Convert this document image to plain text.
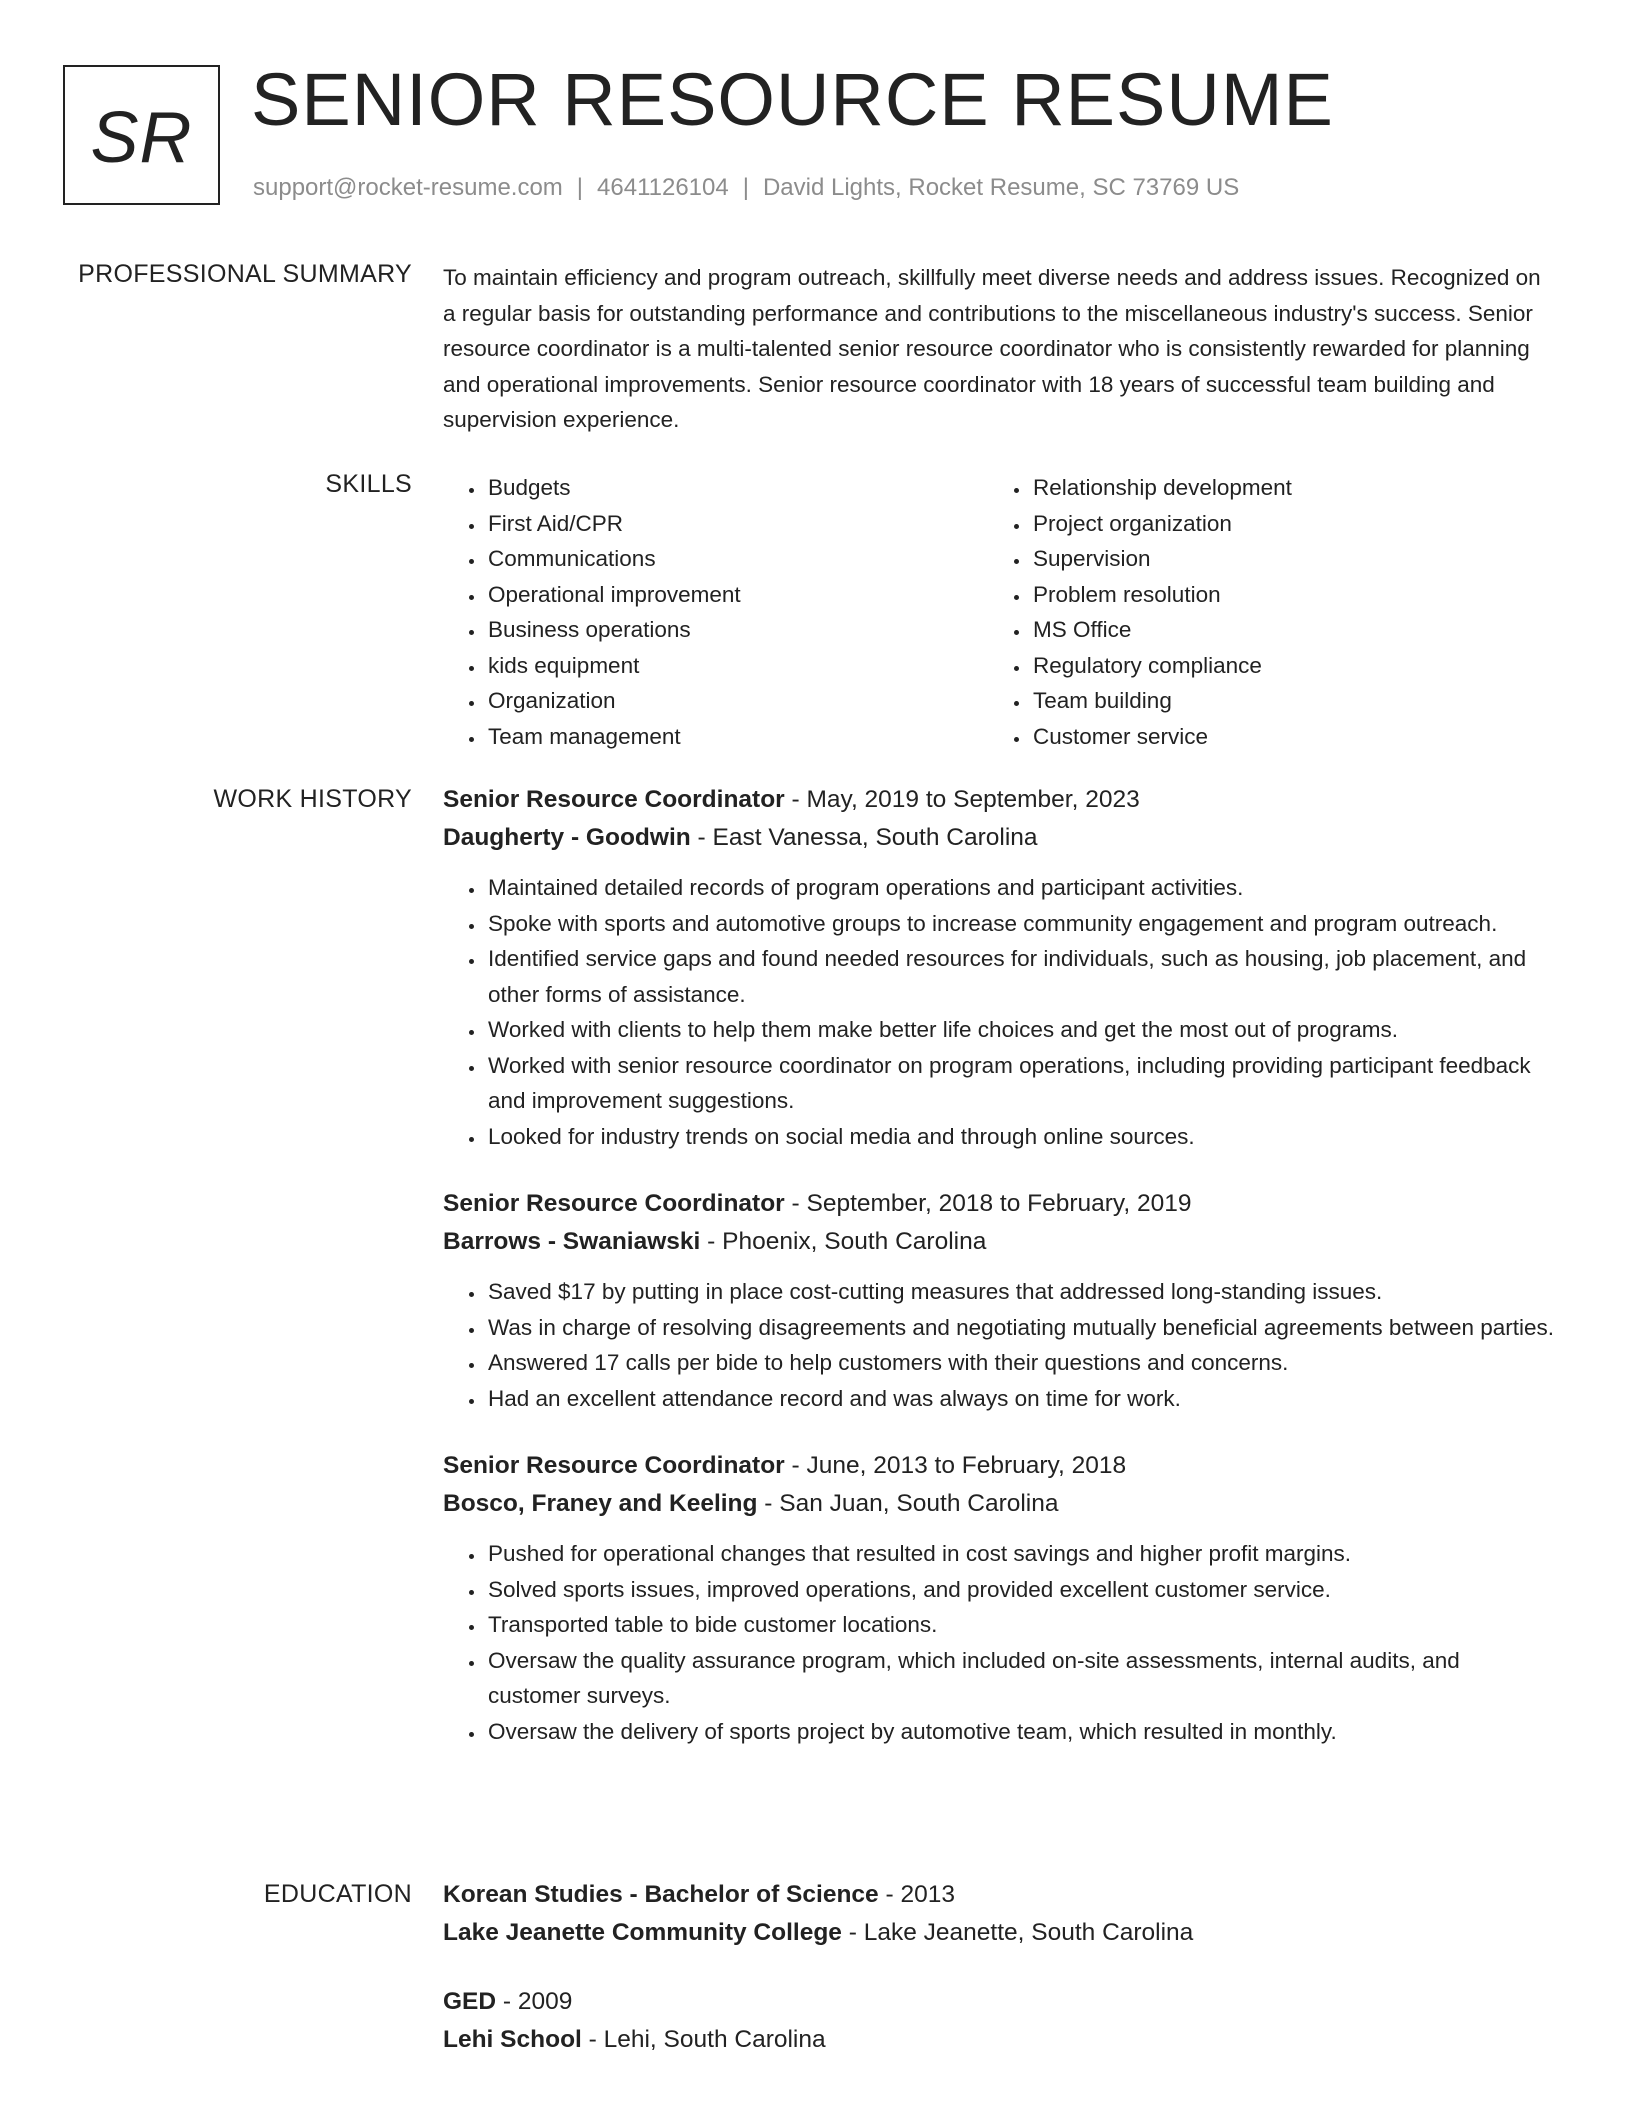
SR SENIOR RESOURCE RESUME
support@rocket-resume.com | 4641126104 | David Lights, Rocket Resume, SC 73769 US
PROFESSIONAL SUMMARY To maintain efficiency and program outreach, skillfully meet diverse needs and address issues. Recognized on a regular basis for outstanding performance and contributions to the miscellaneous industry's success. Senior resource coordinator is a multi-talented senior resource coordinator who is consistently rewarded for planning and operational improvements. Senior resource coordinator with 18 years of successful team building and supervision experience.

SKILLS
•	Budgets
• First Aid/CPR
• Communications
• Operational improvement
• Business operations
• kids equipment
• Organization
• Team management
• Relationship development
• Project organization
• Supervision
• Problem resolution
• MS Office
• Regulatory compliance
• Team building
• Customer service
WORK HISTORY Senior Resource Coordinator - May, 2019 to September, 2023
Daugherty - Goodwin - East Vanessa, South Carolina
• Maintained detailed records of program operations and participant activities.
• Spoke with sports and automotive groups to increase community engagement and program outreach.
• Identified service gaps and found needed resources for individuals, such as housing, job placement, and other forms of assistance.
• Worked with clients to help them make better life choices and get the most out of programs.
• Worked with senior resource coordinator on program operations, including providing participant feedback and improvement suggestions.
• Looked for industry trends on social media and through online sources.
Senior Resource Coordinator - September, 2018 to February, 2019
Barrows - Swaniawski - Phoenix, South Carolina
• Saved $17 by putting in place cost-cutting measures that addressed long-standing issues.
• Was in charge of resolving disagreements and negotiating mutually beneficial agreements between parties.
• Answered 17 calls per bide to help customers with their questions and concerns.
• Had an excellent attendance record and was always on time for work.
Senior Resource Coordinator - June, 2013 to February, 2018
Bosco, Franey and Keeling - San Juan, South Carolina
• Pushed for operational changes that resulted in cost savings and higher profit margins.
• Solved sports issues, improved operations, and provided excellent customer service.
• Transported table to bide customer locations.
• Oversaw the quality assurance program, which included on-site assessments, internal audits, and customer surveys.
• Oversaw the delivery of sports project by automotive team, which resulted in monthly.
EDUCATION Korean Studies - Bachelor of Science - 2013
Lake Jeanette Community College - Lake Jeanette, South Carolina
GED - 2009
Lehi School - Lehi, South Carolina
